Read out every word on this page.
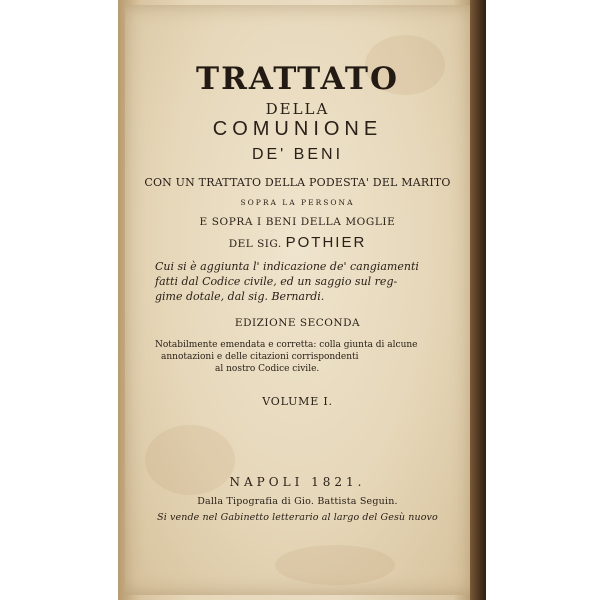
TRATTATO
DELLA
COMUNIONE
DE' BENI
CON UN TRATTATO DELLA PODESTA' DEL MARITO
SOPRA LA PERSONA
E SOPRA I BENI DELLA MOGLIE
DEL SIG. POTHIER
Cui si è aggiunta l' indicazione de' cangiamenti
fatti dal Codice civile, ed un saggio sul reg-
gime dotale, dal sig. Bernardi.
EDIZIONE SECONDA
Notabilmente emendata e corretta: colla giunta di alcune
annotazioni e delle citazioni corrispondenti
al nostro Codice civile.
VOLUME I.
NAPOLI 1821.
Dalla Tipografia di Gio. Battista Seguin.
Si vende nel Gabinetto letterario al largo del Gesù nuovo
